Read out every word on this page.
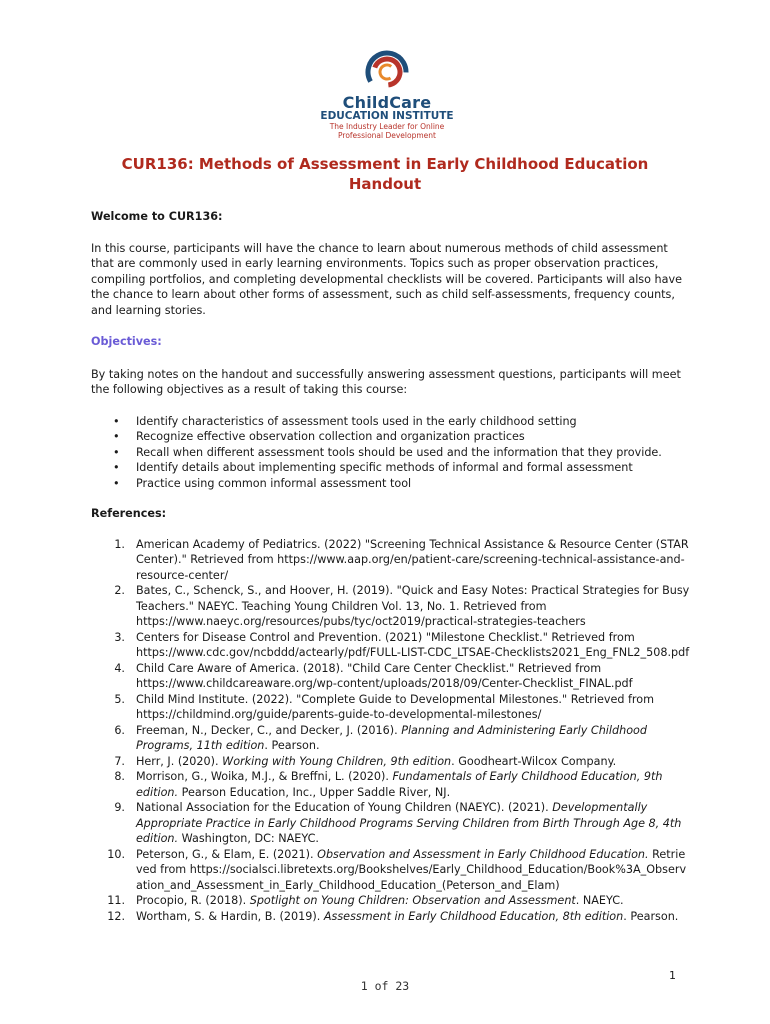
ChildCare
EDUCATION INSTITUTE
The Industry Leader for Online
Professional Development
CUR136: Methods of Assessment in Early Childhood Education
Handout

Welcome to CUR136:

In this course, participants will have the chance to learn about numerous methods of child assessment that are commonly used in early learning environments. Topics such as proper observation practices, compiling portfolios, and completing developmental checklists will be covered. Participants will also have the chance to learn about other forms of assessment, such as child self-assessments, frequency counts, and learning stories.

Objectives:

By taking notes on the handout and successfully answering assessment questions, participants will meet the following objectives as a result of taking this course:

• Identify characteristics of assessment tools used in the early childhood setting
• Recognize effective observation collection and organization practices
• Recall when different assessment tools should be used and the information that they provide.
• Identify details about implementing specific methods of informal and formal assessment
• Practice using common informal assessment tool

References:

1. American Academy of Pediatrics. (2022) "Screening Technical Assistance & Resource Center (STAR Center)." Retrieved from https://www.aap.org/en/patient-care/screening-technical-assistance-and-resource-center/
2. Bates, C., Schenck, S., and Hoover, H. (2019). "Quick and Easy Notes: Practical Strategies for Busy Teachers." NAEYC. Teaching Young Children Vol. 13, No. 1. Retrieved from https://www.naeyc.org/resources/pubs/tyc/oct2019/practical-strategies-teachers
3. Centers for Disease Control and Prevention. (2021) "Milestone Checklist." Retrieved from https://www.cdc.gov/ncbddd/actearly/pdf/FULL-LIST-CDC_LTSAE-Checklists2021_Eng_FNL2_508.pdf
4. Child Care Aware of America. (2018). "Child Care Center Checklist." Retrieved from https://www.childcareaware.org/wp-content/uploads/2018/09/Center-Checklist_FINAL.pdf
5. Child Mind Institute. (2022). "Complete Guide to Developmental Milestones." Retrieved from https://childmind.org/guide/parents-guide-to-developmental-milestones/
6. Freeman, N., Decker, C., and Decker, J. (2016). Planning and Administering Early Childhood Programs, 11th edition. Pearson.
7. Herr, J. (2020). Working with Young Children, 9th edition. Goodheart-Wilcox Company.
8. Morrison, G., Woika, M.J., & Breffni, L. (2020). Fundamentals of Early Childhood Education, 9th edition. Pearson Education, Inc., Upper Saddle River, NJ.
9. National Association for the Education of Young Children (NAEYC). (2021). Developmentally Appropriate Practice in Early Childhood Programs Serving Children from Birth Through Age 8, 4th edition. Washington, DC: NAEYC.
10. Peterson, G., & Elam, E. (2021). Observation and Assessment in Early Childhood Education. Retrieved from https://socialsci.libretexts.org/Bookshelves/Early_Childhood_Education/Book%3A_Observation_and_Assessment_in_Early_Childhood_Education_(Peterson_and_Elam)
11. Procopio, R. (2018). Spotlight on Young Children: Observation and Assessment. NAEYC.
12. Wortham, S. & Hardin, B. (2019). Assessment in Early Childhood Education, 8th edition. Pearson.
1
1 of 23
